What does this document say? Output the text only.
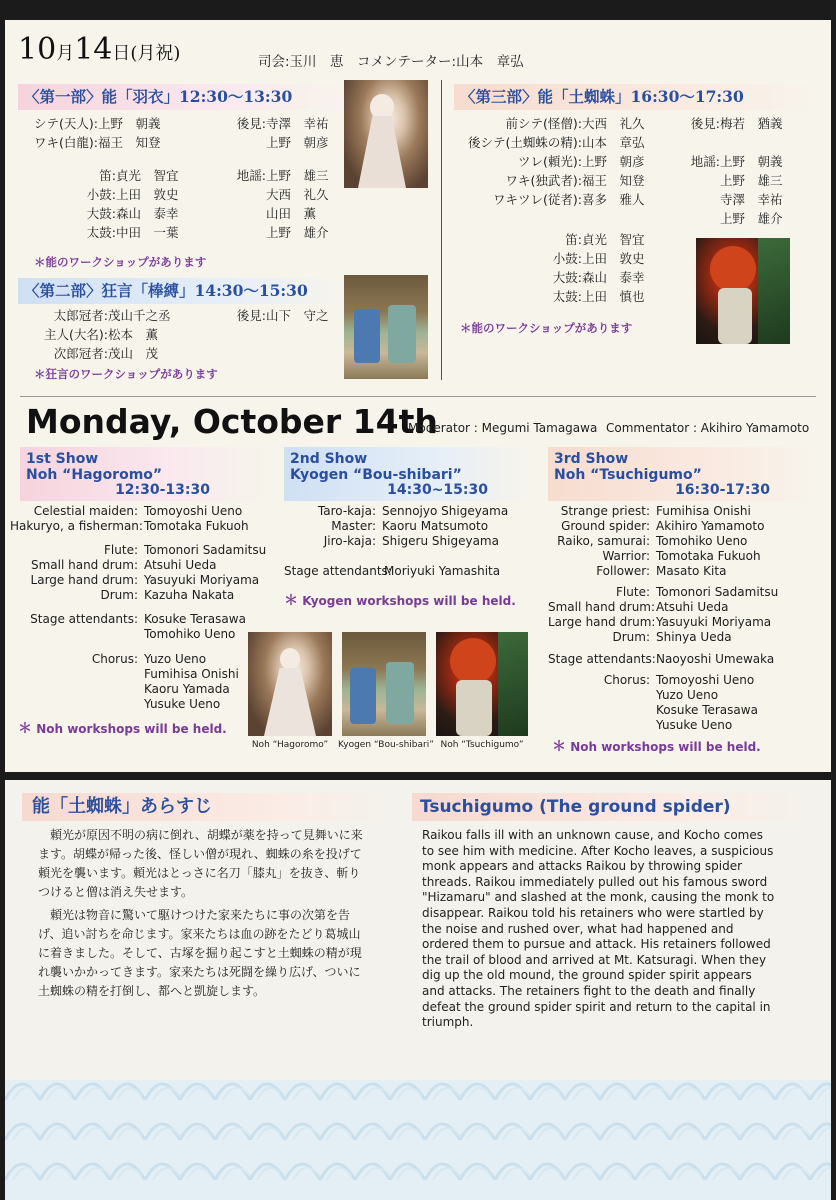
10月14日(月祝)	司会:玉川　恵　コメンテーター:山本　章弘
〈第一部〉能「羽衣」12:30〜13:30
シテ(天人):上野　朝義
ワキ(白龍):福王　知登
後見:寺澤　幸祐
上野　朝彦
笛:貞光　智宜
小鼓:上田　敦史
大鼓:森山　泰幸
太鼓:中田　一葉
地謡:上野　雄三
大西　礼久
山田　薫
上野　雄介
＊能のワークショップがあります
〈第二部〉狂言「棒縛」14:30〜15:30
太郎冠者:茂山千之丞
主人(大名):松本　薫
次郎冠者:茂山　茂
後見:山下　守之
＊狂言のワークショップがあります
〈第三部〉能「土蜘蛛」16:30〜17:30
前シテ(怪僧):大西　礼久
後シテ(土蜘蛛の精):山本　章弘
ツレ(頼光):上野　朝彦
ワキ(独武者):福王　知登
ワキツレ(従者):喜多　雅人
後見:梅若　猶義
地謡:上野　朝義
上野　雄三
寺澤　幸祐
上野　雄介
笛:貞光　智宜
小鼓:上田　敦史
大鼓:森山　泰幸
太鼓:上田　慎也
＊能のワークショップがあります
Monday, October 14th
Moderator : Megumi Tamagawa Commentator : Akihiro Yamamoto
1st Show
Noh “Hagoromo”
12:30-13:30
Celestial maiden: Tomoyoshi Ueno
Hakuryo, a fisherman:Tomotaka Fukuoh
Flute: Tomonori Sadamitsu
Small hand drum: Atsuhi Ueda
Large hand drum: Yasuyuki Moriyama
Drum: Kazuha Nakata
Stage attendants: Kosuke Terasawa
Tomohiko Ueno
Chorus: Yuzo Ueno
Fumihisa Onishi
Kaoru Yamada
Yusuke Ueno
＊ Noh workshops will be held.
2nd Show
Kyogen “Bou-shibari”
14:30~15:30
Taro-kaja: Sennojyo Shigeyama
Master: Kaoru Matsumoto
Jiro-kaja: Shigeru Shigeyama
Stage attendants:Moriyuki Yamashita
＊ Kyogen workshops will be held.
Noh “Hagoromo”	Kyogen “Bou-shibari” Noh “Tsuchigumo”
3rd Show
Noh “Tsuchigumo”
16:30-17:30
Strange priest: Fumihisa Onishi
Ground spider: Akihiro Yamamoto
Raiko, samurai: Tomohiko Ueno
Warrior: Tomotaka Fukuoh
Follower: Masato Kita
Flute: Tomonori Sadamitsu
Small hand drum:Atsuhi Ueda
Large hand drum:Yasuyuki Moriyama
Drum: Shinya Ueda
Stage attendants:Naoyoshi Umewaka
Chorus: Tomoyoshi Ueno
Yuzo Ueno
Kosuke Terasawa
Yusuke Ueno
＊ Noh workshops will be held.
能「土蜘蛛」あらすじ	Tsuchigumo (The ground spider)

頼光が原因不明の病に倒れ、胡蝶が薬を持って見舞いに来ます。胡蝶が帰った後、怪しい僧が現れ、蜘蛛の糸を投げて頼光を襲います。頼光はとっさに名刀「膝丸」を抜き、斬りつけると僧は消え失せます。

頼光は物音に驚いて駆けつけた家来たちに事の次第を告げ、追い討ちを命じます。家来たちは血の跡をたどり葛城山に着きました。そして、古塚を掘り起こすと土蜘蛛の精が現れ襲いかかってきます。家来たちは死闘を繰り広げ、ついに土蜘蛛の精を打倒し、都へと凱旋します。

Raikou falls ill with an unknown cause, and Kocho comes to see him with medicine. After Kocho leaves, a suspicious monk appears and attacks Raikou by throwing spider threads. Raikou immediately pulled out his famous sword "Hizamaru" and slashed at the monk, causing the monk to disappear. Raikou told his retainers who were startled by the noise and rushed over, what had happened and ordered them to pursue and attack. His retainers followed the trail of blood and arrived at Mt. Katsuragi. When they dig up the old mound, the ground spider spirit appears and attacks. The retainers fight to the death and finally defeat the ground spider spirit and return to the capital in triumph.
